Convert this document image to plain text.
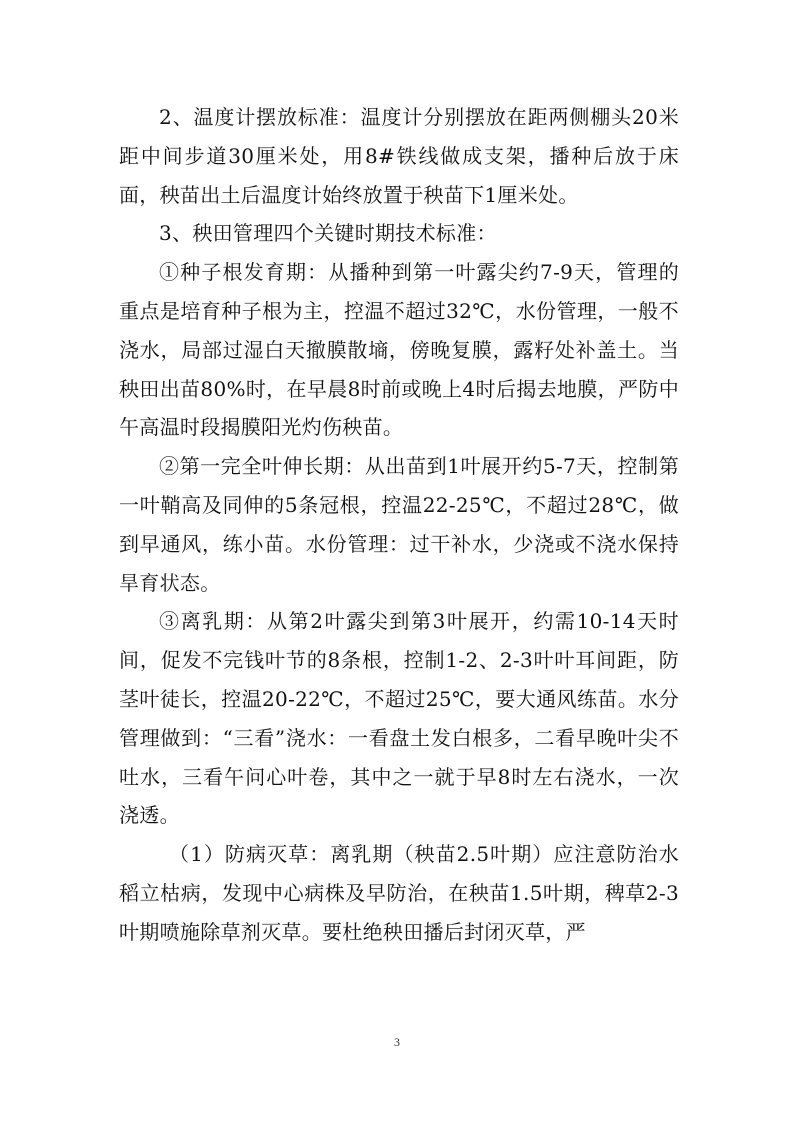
2、温度计摆放标准：温度计分别摆放在距两侧棚头20米距中间步道30厘米处，用8#铁线做成支架，播种后放于床面，秧苗出土后温度计始终放置于秧苗下1厘米处。

3、秧田管理四个关键时期技术标准：

①种子根发育期：从播种到第一叶露尖约7-9天，管理的重点是培育种子根为主，控温不超过32℃，水份管理，一般不浇水，局部过湿白天撤膜散墒，傍晚复膜，露籽处补盖土。当秧田出苗80%时，在早晨8时前或晚上4时后揭去地膜，严防中午高温时段揭膜阳光灼伤秧苗。

②第一完全叶伸长期：从出苗到1叶展开约5-7天，控制第一叶鞘高及同伸的5条冠根，控温22-25℃，不超过28℃，做到早通风，练小苗。水份管理：过干补水，少浇或不浇水保持旱育状态。

③离乳期：从第2叶露尖到第3叶展开，约需10-14天时间，促发不完钱叶节的8条根，控制1-2、2-3叶叶耳间距，防茎叶徒长，控温20-22℃，不超过25℃，要大通风练苗。水分管理做到：“三看”浇水：一看盘土发白根多，二看早晚叶尖不吐水，三看午问心叶卷，其中之一就于早8时左右浇水，一次浇透。

（1）防病灭草：离乳期（秧苗2.5叶期）应注意防治水稻立枯病，发现中心病株及早防治，在秧苗1.5叶期，稗草2-3叶期喷施除草剂灭草。要杜绝秧田播后封闭灭草，严

3
